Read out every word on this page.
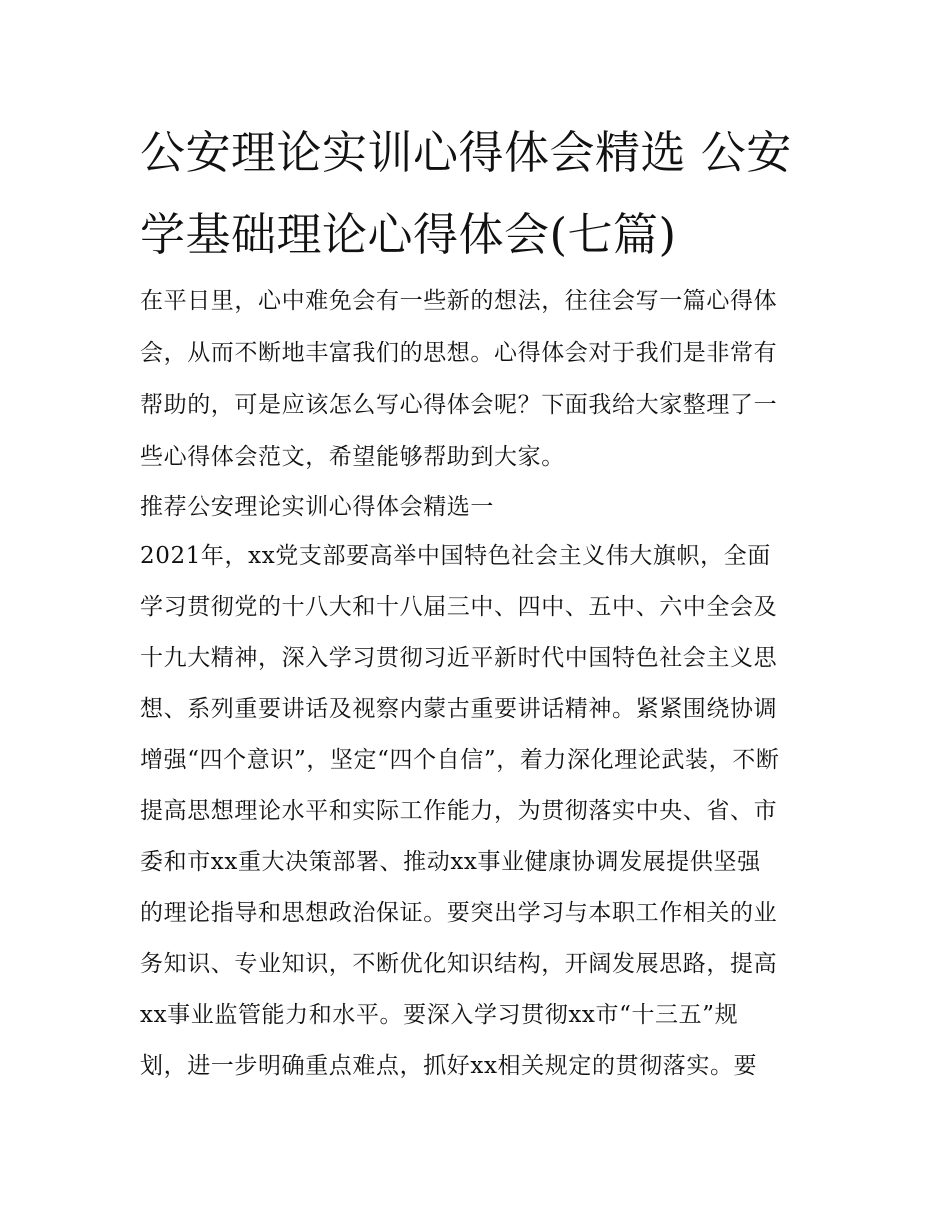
公安理论实训心得体会精选 公安学基础理论心得体会(七篇)

在平日里，心中难免会有一些新的想法，往往会写一篇心得体

会，从而不断地丰富我们的思想。心得体会对于我们是非常有

帮助的，可是应该怎么写心得体会呢？下面我给大家整理了一

些心得体会范文，希望能够帮助到大家。

推荐公安理论实训心得体会精选一

2021年，xx党支部要高举中国特色社会主义伟大旗帜，全面

学习贯彻党的十八大和十八届三中、四中、五中、六中全会及

十九大精神，深入学习贯彻习近平新时代中国特色社会主义思

想、系列重要讲话及视察内蒙古重要讲话精神。紧紧围绕协调

增强“四个意识”，坚定“四个自信”，着力深化理论武装，不断

提高思想理论水平和实际工作能力，为贯彻落实中央、省、市

委和市xx重大决策部署、推动xx事业健康协调发展提供坚强

的理论指导和思想政治保证。要突出学习与本职工作相关的业

务知识、专业知识，不断优化知识结构，开阔发展思路，提高

xx事业监管能力和水平。要深入学习贯彻xx市“十三五”规

划，进一步明确重点难点，抓好xx相关规定的贯彻落实。要
